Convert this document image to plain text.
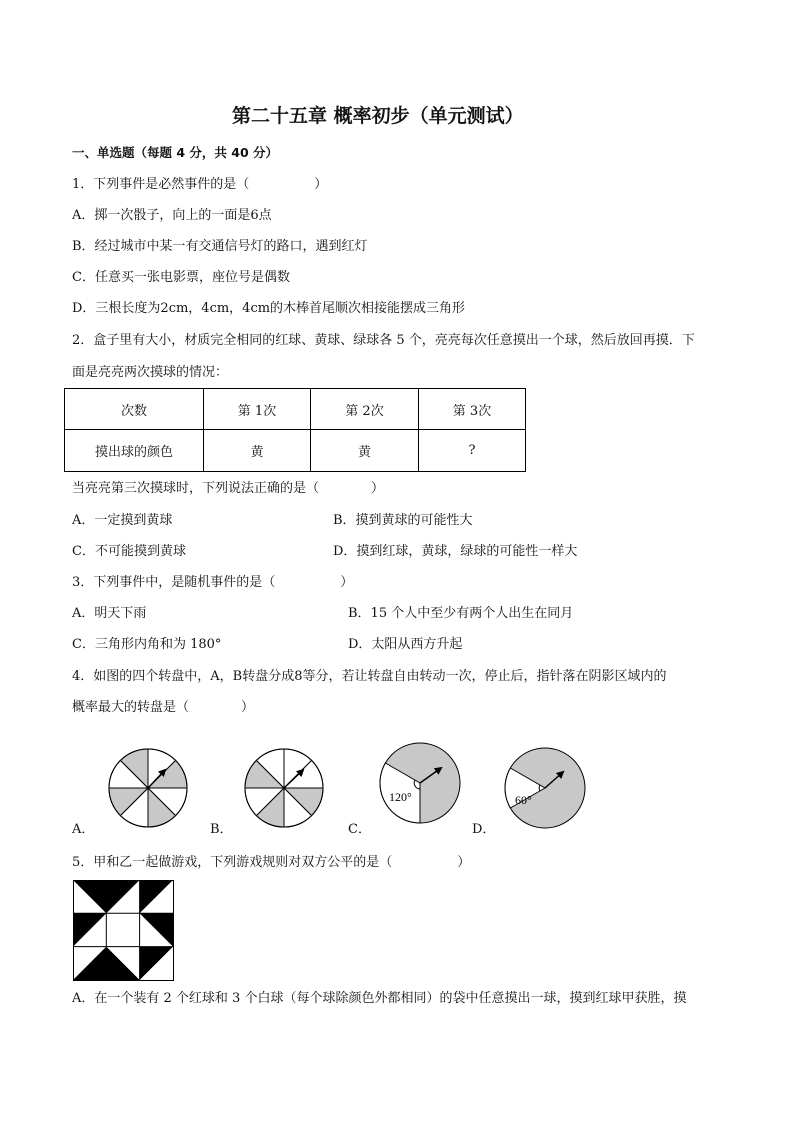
第二十五章 概率初步（单元测试）
一、单选题（每题 4 分，共 40 分）
1．下列事件是必然事件的是（　　　　　）
A．掷一次骰子，向上的一面是6点
B．经过城市中某一有交通信号灯的路口，遇到红灯
C．任意买一张电影票，座位号是偶数
D．三根长度为2cm，4cm，4cm的木棒首尾顺次相接能摆成三角形
2．盒子里有大小，材质完全相同的红球、黄球、绿球各 5 个，亮亮每次任意摸出一个球，然后放回再摸．下
面是亮亮两次摸球的情况：
次数	第 1次	第 2次	第 3次
摸出球的颜色	黄	黄	?
当亮亮第三次摸球时，下列说法正确的是（　　　　）
A．一定摸到黄球	B．摸到黄球的可能性大
C．不可能摸到黄球	D．摸到红球，黄球，绿球的可能性一样大
3．下列事件中，是随机事件的是（　　　　　）
A．明天下雨	B．15 个人中至少有两个人出生在同月
C．三角形内角和为 180°	D．太阳从西方升起
4．如图的四个转盘中，A，B转盘分成8等分，若让转盘自由转动一次，停止后，指针落在阴影区域内的
概率最大的转盘是（　　　　）
120°	60°
A．	B．	C．	D．
5．甲和乙一起做游戏，下列游戏规则对双方公平的是（　　　　　）
A．在一个装有 2 个红球和 3 个白球（每个球除颜色外都相同）的袋中任意摸出一球，摸到红球甲获胜，摸
